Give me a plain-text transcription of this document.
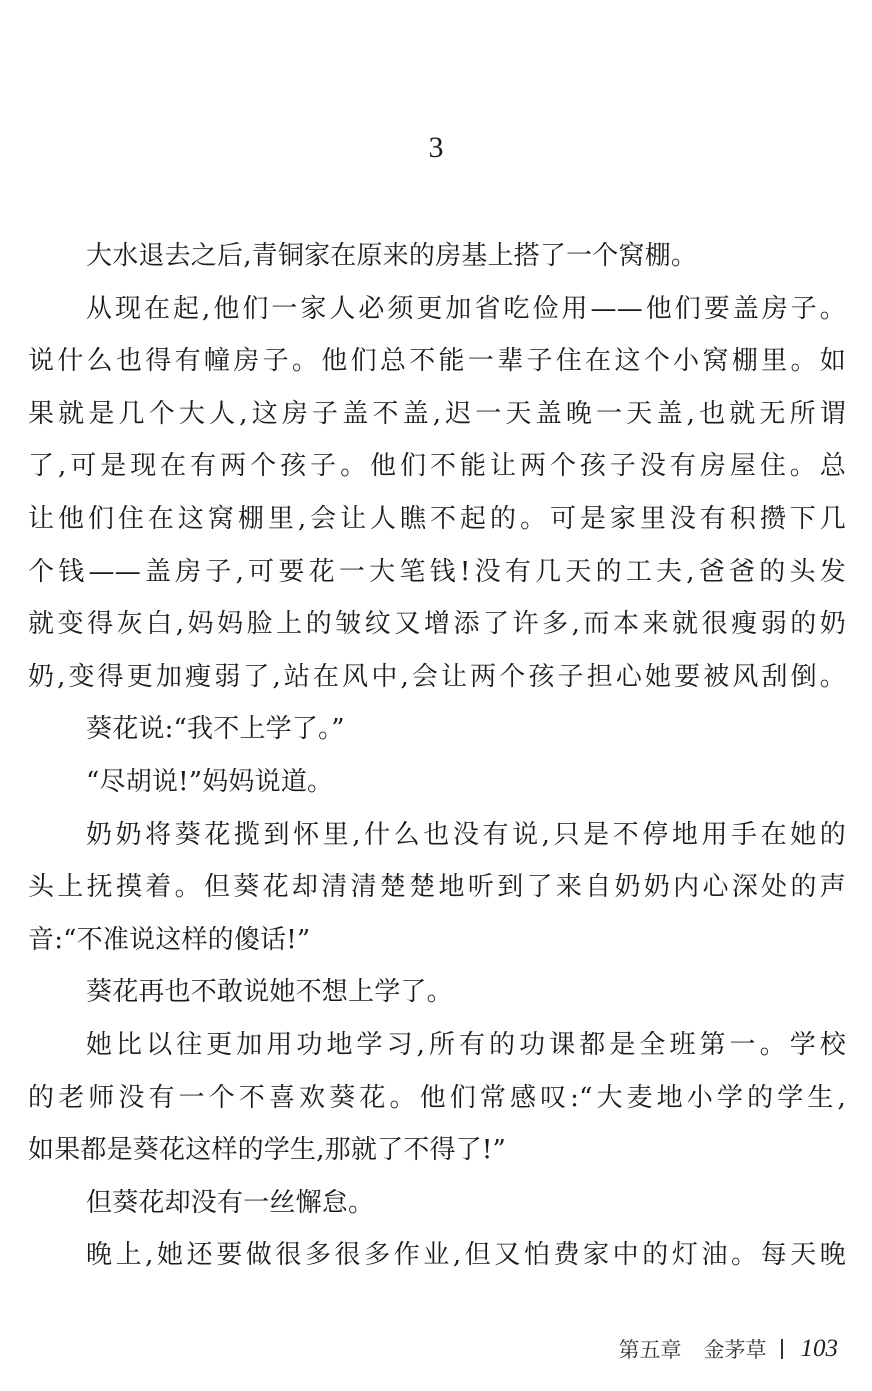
3
大水退去之后,青铜家在原来的房基上搭了一个窝棚。
从现在起,他们一家人必须更加省吃俭用——他们要盖房子。
说什么也得有幢房子。他们总不能一辈子住在这个小窝棚里。如
果就是几个大人,这房子盖不盖,迟一天盖晚一天盖,也就无所谓
了,可是现在有两个孩子。他们不能让两个孩子没有房屋住。总
让他们住在这窝棚里,会让人瞧不起的。可是家里没有积攒下几
个钱——盖房子,可要花一大笔钱!没有几天的工夫,爸爸的头发
就变得灰白,妈妈脸上的皱纹又增添了许多,而本来就很瘦弱的奶
奶,变得更加瘦弱了,站在风中,会让两个孩子担心她要被风刮倒。
葵花说:“我不上学了。”
“尽胡说!”妈妈说道。
奶奶将葵花揽到怀里,什么也没有说,只是不停地用手在她的
头上抚摸着。但葵花却清清楚楚地听到了来自奶奶内心深处的声
音:“不准说这样的傻话!”
葵花再也不敢说她不想上学了。
她比以往更加用功地学习,所有的功课都是全班第一。学校
的老师没有一个不喜欢葵花。他们常感叹:“大麦地小学的学生,
如果都是葵花这样的学生,那就了不得了!”
但葵花却没有一丝懈怠。
晚上,她还要做很多很多作业,但又怕费家中的灯油。每天晚
第五章 金茅草 103
